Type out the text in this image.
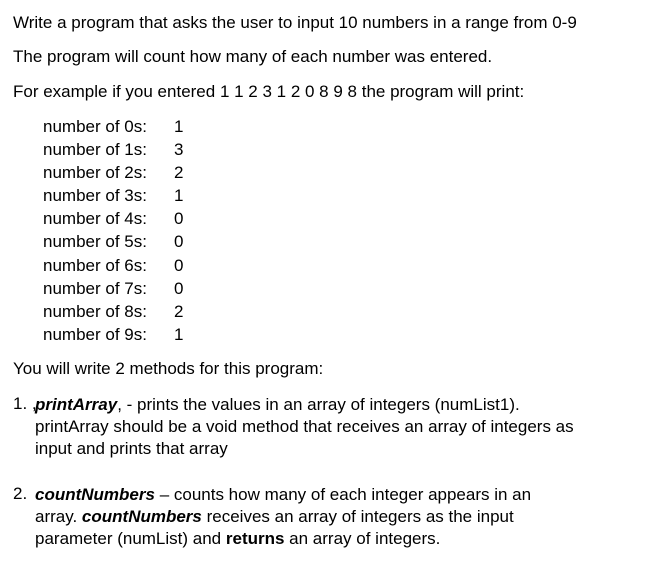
Write a program that asks the user to input 10 numbers in a range from 0-9
The program will count how many of each number was entered.
For example if you entered 1 1 2 3 1 2 0 8 9 8 the program will print:
number of 0s: 1
number of 1s: 3
number of 2s: 2
number of 3s: 1
number of 4s: 0
number of 5s: 0
number of 6s: 0
number of 7s: 0
number of 8s: 2
number of 9s: 1
You will write 2 methods for this program:
1. ,
printArray, - prints the values in an array of integers (numList1).
printArray should be a void method that receives an array of integers as
input and prints that array
2. countNumbers – counts how many of each integer appears in an
array. countNumbers receives an array of integers as the input
parameter (numList) and returns an array of integers.
